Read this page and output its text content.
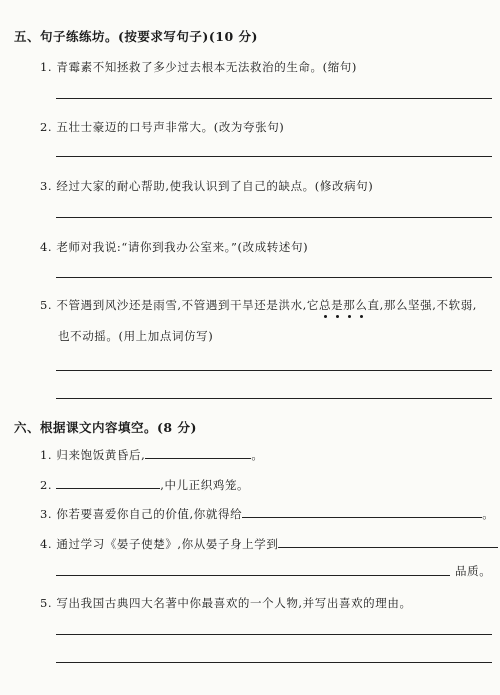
五、句子练练坊。(按要求写句子)(10 分)
1. 青霉素不知拯救了多少过去根本无法救治的生命。(缩句)
2. 五壮士豪迈的口号声非常大。(改为夸张句)
3. 经过大家的耐心帮助,使我认识到了自己的缺点。(修改病句)
4. 老师对我说:“请你到我办公室来。”(改成转述句)
5. 不管遇到风沙还是雨雪,不管遇到干旱还是洪水,它总是那么直,那么坚强,不软弱,
也不动摇。(用上加点词仿写)
六、根据课文内容填空。(8 分)
1. 归来饱饭黄昏后,	。
2.	,中儿正织鸡笼。
3. 你若要喜爱你自己的价值,你就得给	。
4. 通过学习《晏子使楚》,你从晏子身上学到
品质。
5. 写出我国古典四大名著中你最喜欢的一个人物,并写出喜欢的理由。
